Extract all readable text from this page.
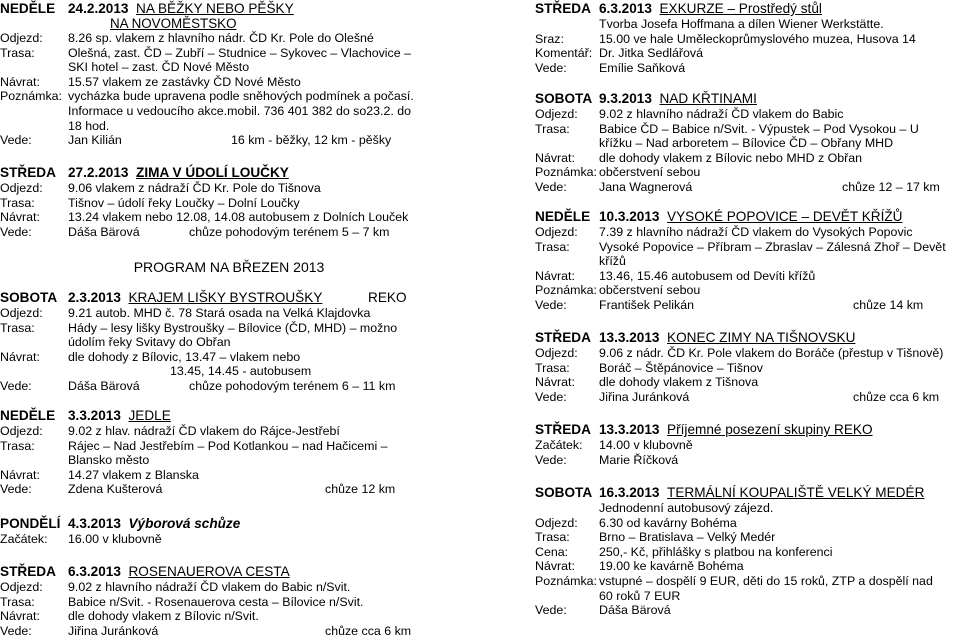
NEDĚLE 24.2.2013 NA BĚŽKY NEBO PĚŠKY
NA NOVOMĚSTSKO
Odjezd: 8.26 sp. vlakem z hlavního nádr. ČD Kr. Pole do Olešné
Trasa:	Olešná, zast. ČD – Zubří – Studnice – Sykovec – Vlachovice –
SKI hotel – zast. ČD Nové Město
Návrat: 15.57 vlakem ze zastávky ČD Nové Město
Poznámka: vycházka bude upravena podle sněhových podmínek a počasí.
Informace u vedoucího akce.mobil. 736 401 382 do so23.2. do
18 hod.
Vede:	Jan Kilián	16 km - běžky, 12 km - pěšky
STŘEDA 27.2.2013 ZIMA V ÚDOLÍ LOUČKY
Odjezd: 9.06 vlakem z nádraží ČD Kr. Pole do Tišnova
Trasa:	Tišnov – údolí řeky Loučky – Dolní Loučky
Návrat: 13.24 vlakem nebo 12.08, 14.08 autobusem z Dolních Louček
Vede:	Dáša Bärová	chůze pohodovým terénem 5 – 7 km
PROGRAM NA BŘEZEN 2013
SOBOTA 2.3.2013 KRAJEM LIŠKY BYSTROUŠKY	REKO
Odjezd: 9.21 autob. MHD č. 78 Stará osada na Velká Klajdovka
Trasa:	Hády – lesy lišky Bystroušky – Bílovice (ČD, MHD) – možno
údolím řeky Svitavy do Obřan
Návrat: dle dohody z Bílovic, 13.47 – vlakem nebo
13.45, 14.45 - autobusem
Vede:	Dáša Bärová	chůze pohodovým terénem 6 – 11 km
NEDĚLE 3.3.2013 JEDLE
Odjezd: 9.02 z hlav. nádraží ČD vlakem do Rájce-Jestřebí
Trasa:	Rájec – Nad Jestřebím – Pod Kotlankou – nad Hačicemi –
Blansko město
Návrat: 14.27 vlakem z Blanska
Vede:	Zdena Kušterová	chůze 12 km
PONDĚLÍ 4.3.2013 Výborová schůze
Začátek: 16.00 v klubovně
STŘEDA 6.3.2013 ROSENAUEROVA CESTA
Odjezd: 9.02 z hlavního nádraží ČD vlakem do Babic n/Svit.
Trasa:	Babice n/Svit. - Rosenauerova cesta – Bílovice n/Svit.
Návrat: dle dohody vlakem z Bílovic n/Svit.
Vede:	Jiřina Juránková	chůze cca 6 km
STŘEDA 6.3.2013 EXKURZE – Prostředý stůl
Tvorba Josefa Hoffmana a dílen Wiener Werkstätte.
Sraz:	15.00 ve hale Uměleckoprůmyslového muzea, Husova 14
Komentář: Dr. Jitka Sedlářová
Vede:	Emílie Saňková
SOBOTA 9.3.2013 NAD KŘTINAMI
Odjezd: 9.02 z hlavního nádraží ČD vlakem do Babic
Trasa: Babice ČD – Babice n/Svit. - Výpustek – Pod Vysokou – U
křížku – Nad arboretem – Bílovice ČD – Obřany MHD
Návrat: dle dohody vlakem z Bílovic nebo MHD z Obřan
Poznámka: občerstvení sebou
Vede:	Jana Wagnerová	chůze 12 – 17 km
NEDĚLE 10.3.2013 VYSOKÉ POPOVICE – DEVĚT KŘÍŽŮ
Odjezd: 7.39 z hlavního nádraží ČD vlakem do Vysokých Popovic
Trasa: Vysoké Popovice – Příbram – Zbraslav – Zálesná Zhoř – Devět
křížů
Návrat: 13.46, 15.46 autobusem od Devíti křížů
Poznámka: občerstvení sebou
Vede:	František Pelikán	chůze 14 km
STŘEDA 13.3.2013 KONEC ZIMY NA TIŠNOVSKU
Odjezd: 9.06 z nádr. ČD Kr. Pole vlakem do Boráče (přestup v Tišnově)
Trasa: Boráč – Štěpánovice – Tišnov
Návrat: dle dohody vlakem z Tišnova
Vede:	Jiřina Juránková	chůze cca 6 km
STŘEDA 13.3.2013 Příjemné posezení skupiny REKO
Začátek: 14.00 v klubovně
Vede:	Marie Říčková
SOBOTA 16.3.2013 TERMÁLNÍ KOUPALIŠTĚ VELKÝ MEDÉR
Jednodenní autobusový zájezd.
Odjezd: 6.30 od kavárny Bohéma
Trasa: Brno – Bratislava – Velký Medér
Cena: 250,- Kč, přihlášky s platbou na konferenci
Návrat: 19.00 ke kavárně Bohéma
Poznámka: vstupné – dospělí 9 EUR, děti do 15 roků, ZTP a dospělí nad
60 roků 7 EUR
Vede:	Dáša Bärová
